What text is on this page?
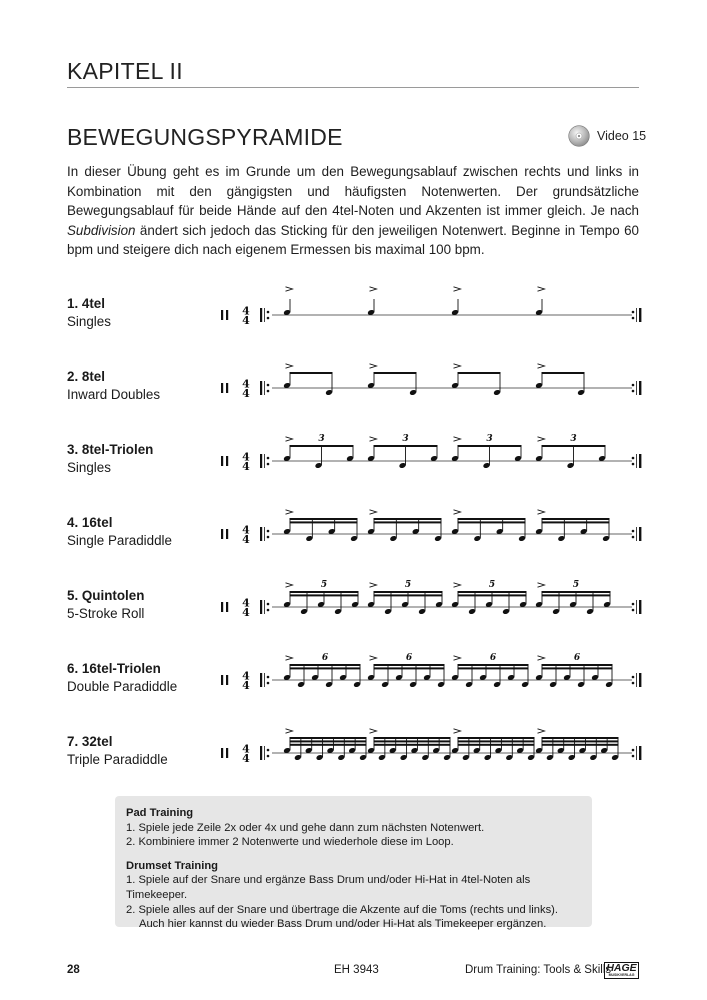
KAPITEL II
BEWEGUNGSPYRAMIDE	Video 15

In dieser Übung geht es im Grunde um den Bewegungsablauf zwischen rechts und links in Kombination mit den gängigsten und häufigsten Notenwerten. Der grundsätzliche Bewegungsablauf für beide Hände auf den 4tel-Noten und Akzenten ist immer gleich. Je nach Subdivision ändert sich jedoch das Sticking für den jeweiligen Notenwert. Beginne in Tempo 60 bpm und steigere dich nach eigenem Ermessen bis maximal 100 bpm.

1. 4tel
Singles
4
4
2. 8tel
Inward Doubles
4
4
3. 8tel-Triolen
Singles
4
4
3	3	3	3
4. 16tel
Single Paradiddle
4
4
5. Quintolen
5-Stroke Roll
4
4
5	5	5	5
6. 16tel-Triolen
Double Paradiddle
4
4
6	6	6	6
7. 32tel
Triple Paradiddle
4
4
Pad Training
1. Spiele jede Zeile 2x oder 4x und gehe dann zum nächsten Notenwert.
2. Kombiniere immer 2 Notenwerte und wiederhole diese im Loop.
Drumset Training
1. Spiele auf der Snare und ergänze Bass Drum und/oder Hi-Hat in 4tel-Noten als Timekeeper.
2. Spiele alles auf der Snare und übertrage die Akzente auf die Toms (rechts und links).
Auch hier kannst du wieder Bass Drum und/oder Hi-Hat als Timekeeper ergänzen.
28	EH 3943	Drum Training: Tools & Skills
HAGE
MUSIKVERLAG
